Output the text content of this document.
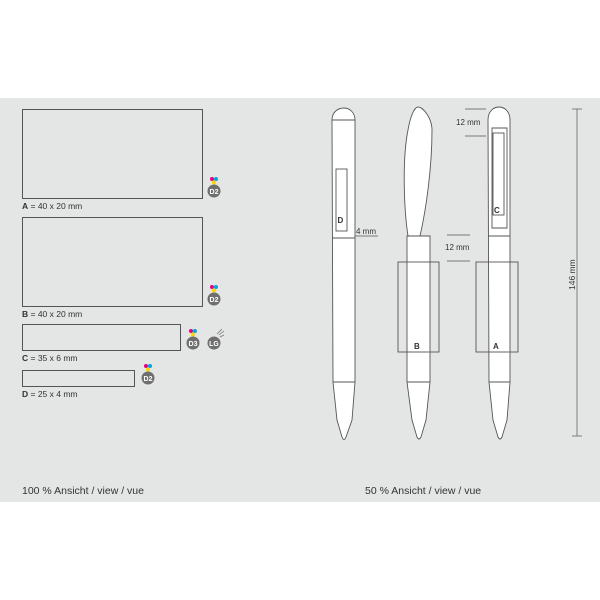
A = 40 x 20 mm
D2
B = 40 x 20 mm
D2
C = 35 x 6 mm
D3 LG
D = 25 x 4 mm
D2
100 % Ansicht / view / vue	50 % Ansicht / view / vue
D
4 mm
B	A
C
12 mm
12 mm
146 mm
